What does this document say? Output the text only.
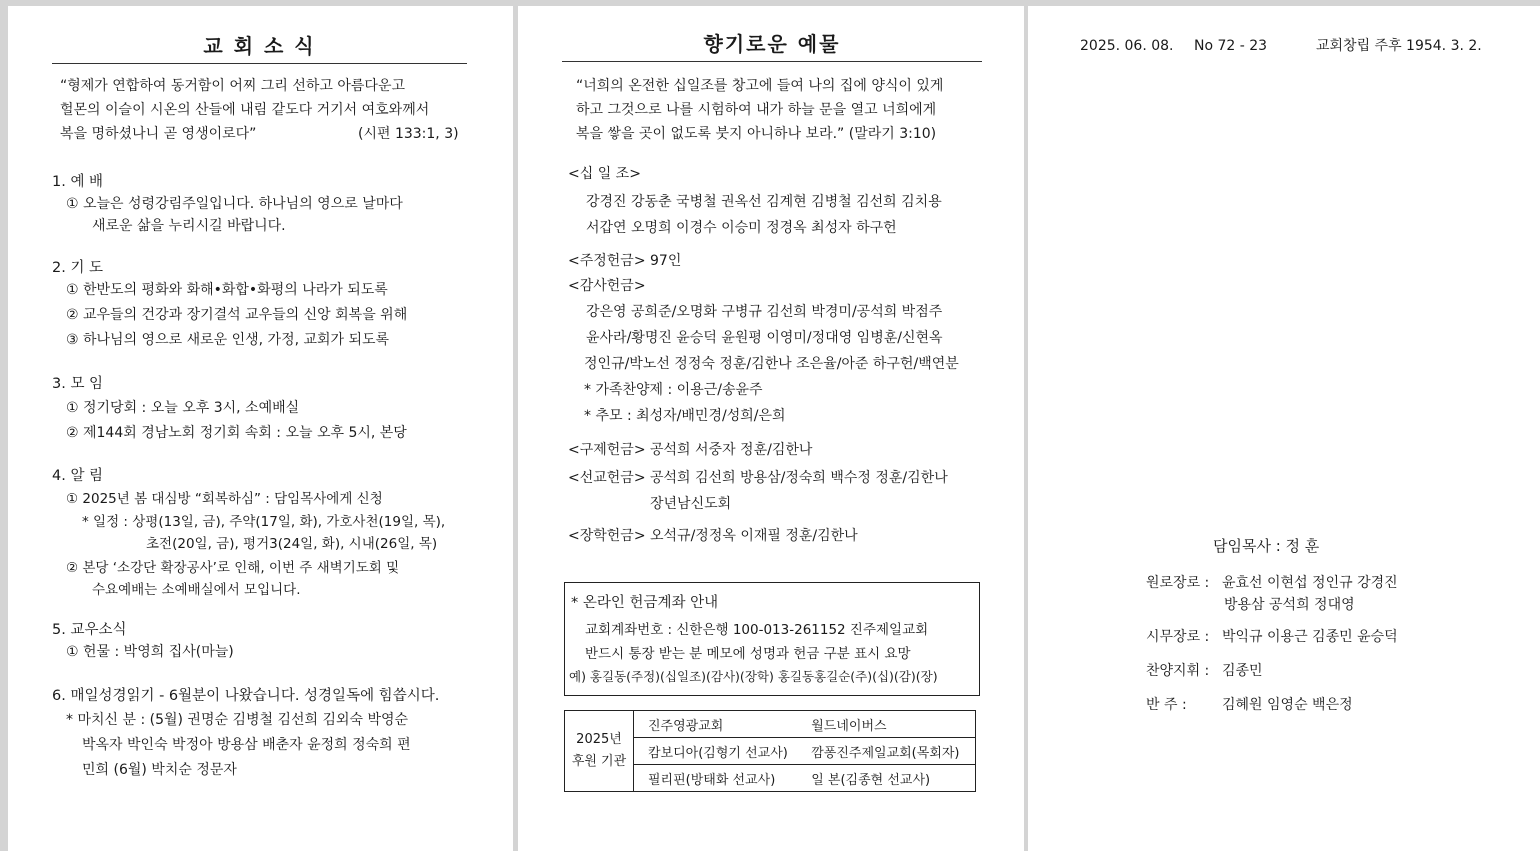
교 회 소 식
“형제가 연합하여 동거함이 어찌 그리 선하고 아름다운고
헐몬의 이슬이 시온의 산들에 내림 같도다 거기서 여호와께서
복을 명하셨나니 곧 영생이로다”	(시편 133:1, 3)
1. 예 배
① 오늘은 성령강림주일입니다. 하나님의 영으로 날마다
새로운 삶을 누리시길 바랍니다.
2. 기 도
① 한반도의 평화와 화해•화합•화평의 나라가 되도록
② 교우들의 건강과 장기결석 교우들의 신앙 회복을 위해
③ 하나님의 영으로 새로운 인생, 가정, 교회가 되도록
3. 모 임
① 정기당회 : 오늘 오후 3시, 소예배실
② 제144회 경남노회 정기회 속회 : 오늘 오후 5시, 본당
4. 알 림
① 2025년 봄 대심방 “회복하심” : 담임목사에게 신청
* 일정 : 상평(13일, 금), 주약(17일, 화), 가호사천(19일, 목),
초전(20일, 금), 평거3(24일, 화), 시내(26일, 목)
② 본당 ‘소강단 확장공사’로 인해, 이번 주 새벽기도회 및
수요예배는 소예배실에서 모입니다.
5. 교우소식
① 헌물 : 박영희 집사(마늘)
6. 매일성경읽기 - 6월분이 나왔습니다. 성경일독에 힘씁시다.
* 마치신 분 : (5월) 권명순 김병철 김선희 김외숙 박영순
박옥자 박인숙 박정아 방용삼 배춘자 윤정희 정숙희 편
민희 (6월) 박치순 정문자
향기로운 예물
“너희의 온전한 십일조를 창고에 들여 나의 집에 양식이 있게
하고 그것으로 나를 시험하여 내가 하늘 문을 열고 너희에게
복을 쌓을 곳이 없도록 붓지 아니하나 보라.” (말라기 3:10)
<십 일 조>
강경진 강동춘 국병철 권옥선 김계현 김병철 김선희 김치용
서갑연 오명희 이경수 이승미 정경옥 최성자 하구헌
<주정헌금> 97인
<감사헌금>
강은영 공희준/오명화 구병규 김선희 박경미/공석희 박점주
윤사라/황명진 윤승덕 윤원평 이영미/정대영 임병훈/신현옥
정인규/박노선 정정숙 정훈/김한나 조은율/아준 하구헌/백연분
* 가족찬양제 : 이용근/송윤주
* 추모 : 최성자/배민경/성희/은희
<구제헌금> 공석희 서중자 정훈/김한나
<선교헌금> 공석희 김선희 방용삼/정숙희 백수정 정훈/김한나
장년남신도회
<장학헌금> 오석규/정정옥 이재필 정훈/김한나
* 온라인 헌금계좌 안내
교회계좌번호 : 신한은행 100-013-261152 진주제일교회
반드시 통장 받는 분 메모에 성명과 헌금 구분 표시 요망
예) 홍길동(주정)(십일조)(감사)(장학) 홍길동홍길순(주)(십)(감)(장)
2025년
후원 기관	진주영광교회	월드네이버스
	캄보디아(김형기 선교사)	깜퐁진주제일교회(목회자)
	필리핀(방태화 선교사)	일 본(김종현 선교사)
2025. 06. 08. No 72 - 23	교회창립 주후 1954. 3. 2.
담임목사 : 정 훈
원로장로 : 윤효선 이현섭 정인규 강경진
방용삼 공석희 정대영
시무장로 : 박익규 이용근 김종민 윤승덕
찬양지휘 : 김종민
반 주 :	김혜원 임영순 백은정
